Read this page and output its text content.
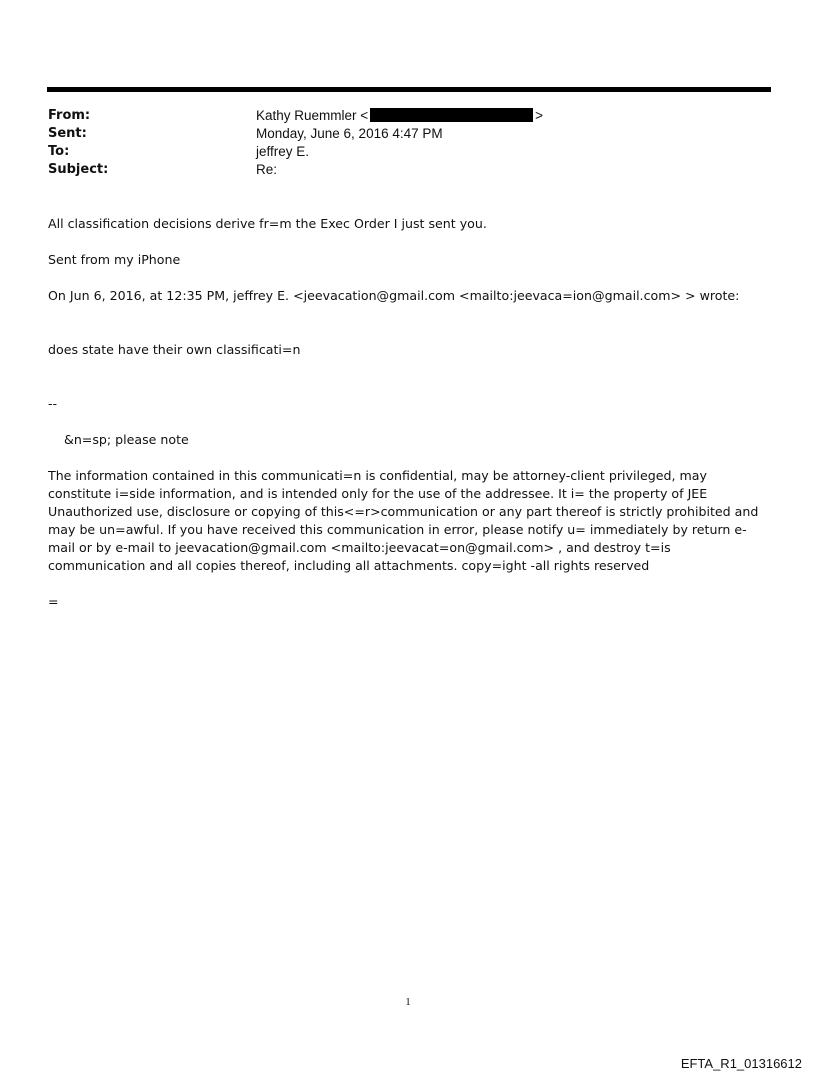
From:	Kathy Ruemmler <	>
Sent:	Monday, June 6, 2016 4:47 PM
To:	jeffrey E.
Subject:	Re:
All classification decisions derive fr=m the Exec Order I just sent you.
Sent from my iPhone
On Jun 6, 2016, at 12:35 PM, jeffrey E. <jeevacation@gmail.com <mailto:jeevaca=ion@gmail.com> > wrote:
does state have their own classificati=n
--
&n=sp; please note
The information contained in this communicati=n is confidential, may be attorney-client privileged, may constitute i=side information, and is intended only for the use of the addressee. It i= the property of JEE Unauthorized use, disclosure or copying of this<=r>communication or any part thereof is strictly prohibited and may be un=awful. If you have received this communication in error, please notify u= immediately by return e-mail or by e-mail to jeevacation@gmail.com <mailto:jeevacat=on@gmail.com> , and destroy t=is communication and all copies thereof, including all attachments. copy=ight -all rights reserved
=
1
EFTA_R1_01316612
